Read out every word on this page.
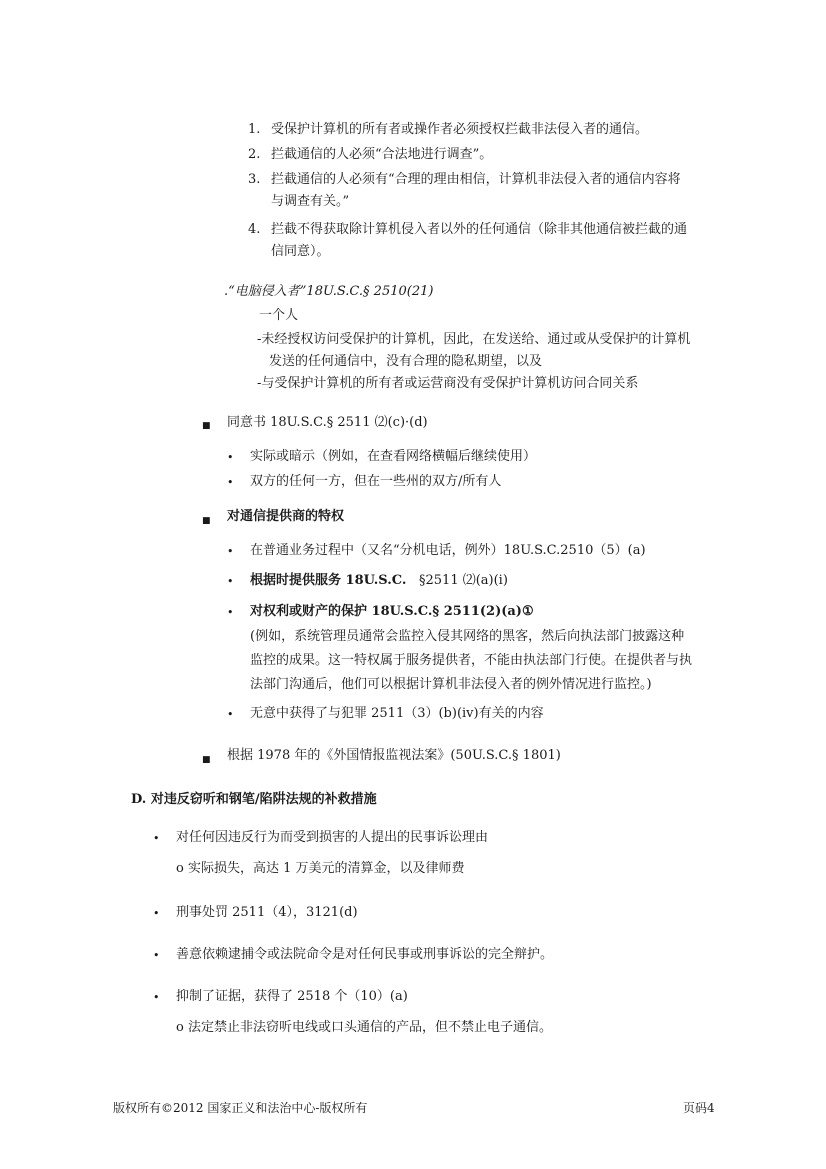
1. 受保护计算机的所有者或操作者必须授权拦截非法侵入者的通信。
2. 拦截通信的人必须“合法地进行调查”。
3. 拦截通信的人必须有“合理的理由相信，计算机非法侵入者的通信内容将
与调查有关。”
4. 拦截不得获取除计算机侵入者以外的任何通信（除非其他通信被拦截的通
信同意）。
.“电脑侵入者”18U.S.C.§ 2510(21)
一个人
-未经授权访问受保护的计算机，因此，在发送给、通过或从受保护的计算机
发送的任何通信中，没有合理的隐私期望，以及
-与受保护计算机的所有者或运营商没有受保护计算机访问合同关系
■ 同意书 18U.S.C.§ 2511 ⑵(c)·(d)
• 实际或暗示（例如，在查看网络横幅后继续使用）
• 双方的任何一方，但在一些州的双方/所有人
■ 对通信提供商的特权
• 在普通业务过程中（又名“分机电话，例外）18U.S.C.2510（5）(a)
• 根据时提供服务 18U.S.C. §2511 ⑵(a)(i)
• 对权利或财产的保护 18U.S.C.§ 2511(2)(a)①
(例如，系统管理员通常会监控入侵其网络的黑客，然后向执法部门披露这种
监控的成果。这一特权属于服务提供者，不能由执法部门行使。在提供者与执
法部门沟通后，他们可以根据计算机非法侵入者的例外情况进行监控。)
• 无意中获得了与犯罪 2511（3）(b)(iv)有关的内容
■ 根据 1978 年的《外国情报监视法案》(50U.S.C.§ 1801)
D. 对违反窃听和钢笔/陷阱法规的补救措施
• 对任何因违反行为而受到损害的人提出的民事诉讼理由
o 实际损失，高达 1 万美元的清算金，以及律师费
• 刑事处罚 2511（4），3121(d)
• 善意依赖逮捕令或法院命令是对任何民事或刑事诉讼的完全辩护。
• 抑制了证据，获得了 2518 个（10）(a)
o 法定禁止非法窃听电线或口头通信的产品，但不禁止电子通信。
版权所有©2012 国家正义和法治中心-版权所有	页码4
